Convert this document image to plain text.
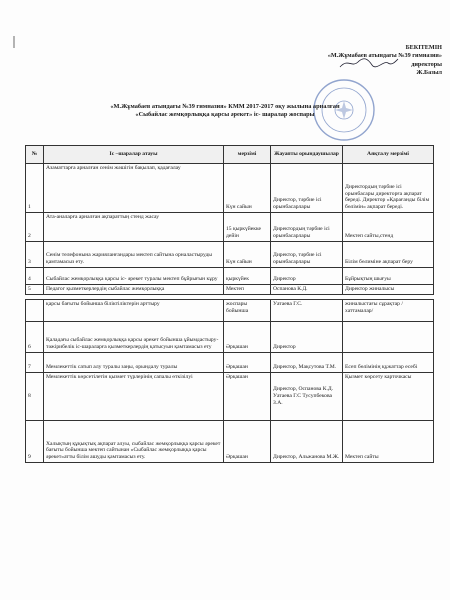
БЕКІТЕМІН
«М.Жұмабаев атындағы №39 гимназия»
директоры
Ж.Базыл
«М.Жұмабаев атындағы №39 гимназия» КММ 2017-2017 оқу жылына арналған
«Сыбайлас жемқорлыққа қарсы әрекет» іс- шаралар жоспары
№	Іс –шаралар атауы	мерзімі	Жауапты орындаушылар	Аяқталу мерзімі
1	Азаматтарға арналған сенім жәшігін бақылап, қадағалау	Күн сайын	Директор, тәрбие ісі орынбасарлары	Директордың тәрбие ісі орынбасары директорға ақпарат береді. Директор «Қарағанды білім бөлімін» ақпарат береді.
2	Ата-аналарға арналған ақпараттың стенд жасау	15 қыркүйекке дейін	Директордың тәрбие ісі орынбасарлары	Мектеп сайты,стенд
3	Сенім телефонына жарияланғандары мектеп сайтына орналастыруды қамтамасыз ету.	Күн сайын	Директор, тәрбие ісі орынбасарлары	Білім бөлиміне ақпарат беру
4	Сыбайлас жемқорлыққа қарсы іс- әрекет туралы мектеп бұйрығын кұру	қыркүйек	Директор	Бұйрықтың шығуы
5	Педагог қызметкерлердің сыбайлас жемқорлыққа	Мектеп	Оспанова К.Д.	Директор жиналысы
	қарсы бағыты бойынша біліктіліктерін арттыру	жоспары бойынша	Уатаева Г.С.	жиналыстағы сұрақтар /хаттамалар/
6	Қаладағы сыбайлас жемқорлыққа қарсы әрекет бойынша ұйымдастыру-тәжірибелік іс-шараларға қызметкерлердің қатысуын қамтамасыз ету	Әрқашан	Директор	
7	Мемлекеттік сатып алу туралы заңы, орындалу туралы	Әрқашан	Директор, Мақсутова Т.М.	Есеп бөлімінің құжаттар есебі
8	Мемлекеттік көрсетілетін қызмет түрлерінің сапалы өткізілуі	Әрқашан	Директор, Оспанова К.Д. Уатаева Г.С Тусупбекова З.А.	Қызмет көрсету карточкасы
9	Халықтың құқықтық ақпарат алуы, сыбайлас жемқорлыққа қарсы әрекет бағыты бойынша мектеп сайтынан «Сыбайлас жемқорлыққа қарсы әрекет»атты білім ашуды қамтамасыз ету.	Әрқашан	Директор, Альжанова М.Ж.	Мектеп сайты
